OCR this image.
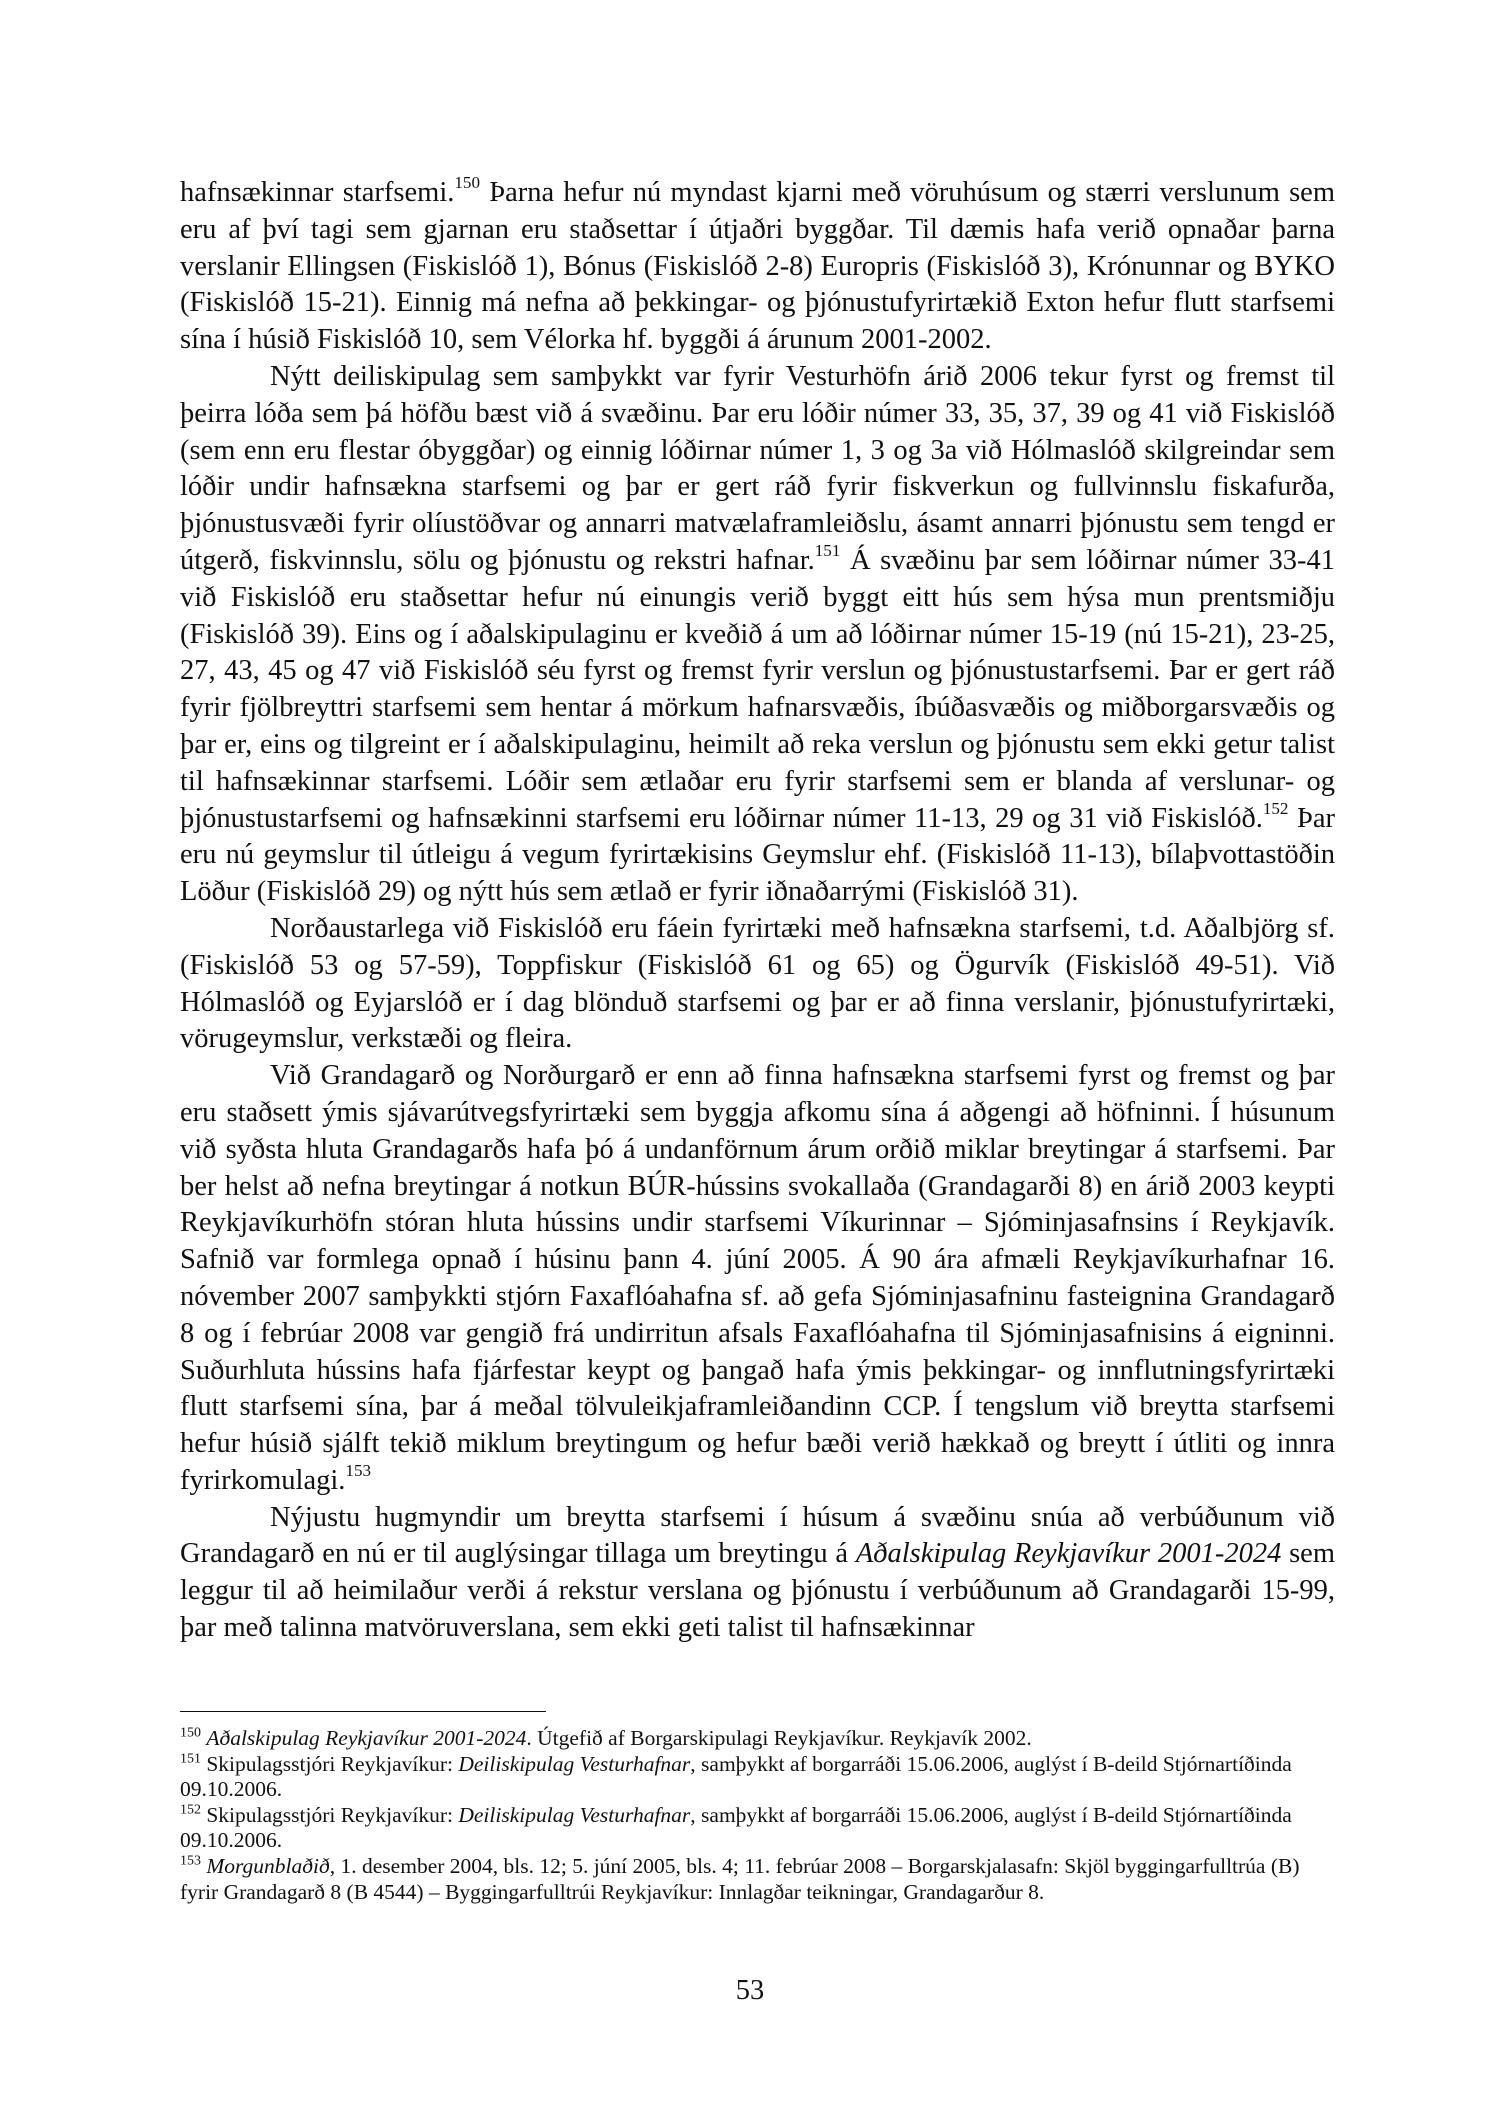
hafnsækinnar starfsemi.$^{150}$ Þarna hefur nú myndast kjarni með vöruhúsum og stærri verslunum sem eru af því tagi sem gjarnan eru staðsettar í útjaðri byggðar. Til dæmis hafa verið opnaðar þarna verslanir Ellingsen (Fiskislóð 1), Bónus (Fiskislóð 2-8) Europris (Fiskislóð 3), Krónunnar og BYKO (Fiskislóð 15-21). Einnig má nefna að þekkingar- og þjónustufyrirtækið Exton hefur flutt starfsemi sína í húsið Fiskislóð 10, sem Vélorka hf. byggði á árunum 2001-2002.

Nýtt deiliskipulag sem samþykkt var fyrir Vesturhöfn árið 2006 tekur fyrst og fremst til þeirra lóða sem þá höfðu bæst við á svæðinu. Þar eru lóðir númer 33, 35, 37, 39 og 41 við Fiskislóð (sem enn eru flestar óbyggðar) og einnig lóðirnar númer 1, 3 og 3a við Hólmaslóð skilgreindar sem lóðir undir hafnsækna starfsemi og þar er gert ráð fyrir fiskverkun og fullvinnslu fiskafurða, þjónustusvæði fyrir olíustöðvar og annarri matvælaframleiðslu, ásamt annarri þjónustu sem tengd er útgerð, fiskvinnslu, sölu og þjónustu og rekstri hafnar.$^{151}$ Á svæðinu þar sem lóðirnar númer 33-41 við Fiskislóð eru staðsettar hefur nú einungis verið byggt eitt hús sem hýsa mun prentsmiðju (Fiskislóð 39). Eins og í aðalskipulaginu er kveðið á um að lóðirnar númer 15-19 (nú 15-21), 23-25, 27, 43, 45 og 47 við Fiskislóð séu fyrst og fremst fyrir verslun og þjónustustarfsemi. Þar er gert ráð fyrir fjölbreyttri starfsemi sem hentar á mörkum hafnarsvæðis, íbúðasvæðis og miðborgarsvæðis og þar er, eins og tilgreint er í aðalskipulaginu, heimilt að reka verslun og þjónustu sem ekki getur talist til hafnsækinnar starfsemi. Lóðir sem ætlaðar eru fyrir starfsemi sem er blanda af verslunar- og þjónustustarfsemi og hafnsækinni starfsemi eru lóðirnar númer 11-13, 29 og 31 við Fiskislóð.$^{152}$ Þar eru nú geymslur til útleigu á vegum fyrirtækisins Geymslur ehf. (Fiskislóð 11-13), bílaþvottastöðin Löður (Fiskislóð 29) og nýtt hús sem ætlað er fyrir iðnaðarrými (Fiskislóð 31).

Norðaustarlega við Fiskislóð eru fáein fyrirtæki með hafnsækna starfsemi, t.d. Aðalbjörg sf. (Fiskislóð 53 og 57-59), Toppfiskur (Fiskislóð 61 og 65) og Ögurvík (Fiskislóð 49-51). Við Hólmaslóð og Eyjarslóð er í dag blönduð starfsemi og þar er að finna verslanir, þjónustufyrirtæki, vörugeymslur, verkstæði og fleira.

Við Grandagarð og Norðurgarð er enn að finna hafnsækna starfsemi fyrst og fremst og þar eru staðsett ýmis sjávarútvegsfyrirtæki sem byggja afkomu sína á aðgengi að höfninni. Í húsunum við syðsta hluta Grandagarðs hafa þó á undanförnum árum orðið miklar breytingar á starfsemi. Þar ber helst að nefna breytingar á notkun BÚR-hússins svokallaða (Grandagarði 8) en árið 2003 keypti Reykjavíkurhöfn stóran hluta hússins undir starfsemi Víkurinnar – Sjóminjasafnsins í Reykjavík. Safnið var formlega opnað í húsinu þann 4. júní 2005. Á 90 ára afmæli Reykjavíkurhafnar 16. nóvember 2007 samþykkti stjórn Faxaflóahafna sf. að gefa Sjóminjasafninu fasteignina Grandagarð 8 og í febrúar 2008 var gengið frá undirritun afsals Faxaflóahafna til Sjóminjasafnisins á eigninni. Suðurhluta hússins hafa fjárfestar keypt og þangað hafa ýmis þekkingar- og innflutningsfyrirtæki flutt starfsemi sína, þar á meðal tölvuleikjaframleiðandinn CCP. Í tengslum við breytta starfsemi hefur húsið sjálft tekið miklum breytingum og hefur bæði verið hækkað og breytt í útliti og innra fyrirkomulagi.$^{153}$

Nýjustu hugmyndir um breytta starfsemi í húsum á svæðinu snúa að verbúðunum við Grandagarð en nú er til auglýsingar tillaga um breytingu á Aðalskipulag Reykjavíkur 2001-2024 sem leggur til að heimilaður verði á rekstur verslana og þjónustu í verbúðunum að Grandagarði 15-99, þar með talinna matvöruverslana, sem ekki geti talist til hafnsækinnar

$^{150}$ Aðalskipulag Reykjavíkur 2001-2024. Útgefið af Borgarskipulagi Reykjavíkur. Reykjavík 2002.

$^{151}$ Skipulagsstjóri Reykjavíkur: Deiliskipulag Vesturhafnar, samþykkt af borgarráði 15.06.2006, auglýst í B-deild Stjórnartíðinda 09.10.2006.

$^{152}$ Skipulagsstjóri Reykjavíkur: Deiliskipulag Vesturhafnar, samþykkt af borgarráði 15.06.2006, auglýst í B-deild Stjórnartíðinda 09.10.2006.

$^{153}$ Morgunblaðið, 1. desember 2004, bls. 12; 5. júní 2005, bls. 4; 11. febrúar 2008 – Borgarskjalasafn: Skjöl byggingarfulltrúa (B) fyrir Grandagarð 8 (B 4544) – Byggingarfulltrúi Reykjavíkur: Innlagðar teikningar, Grandagarður 8.

53
